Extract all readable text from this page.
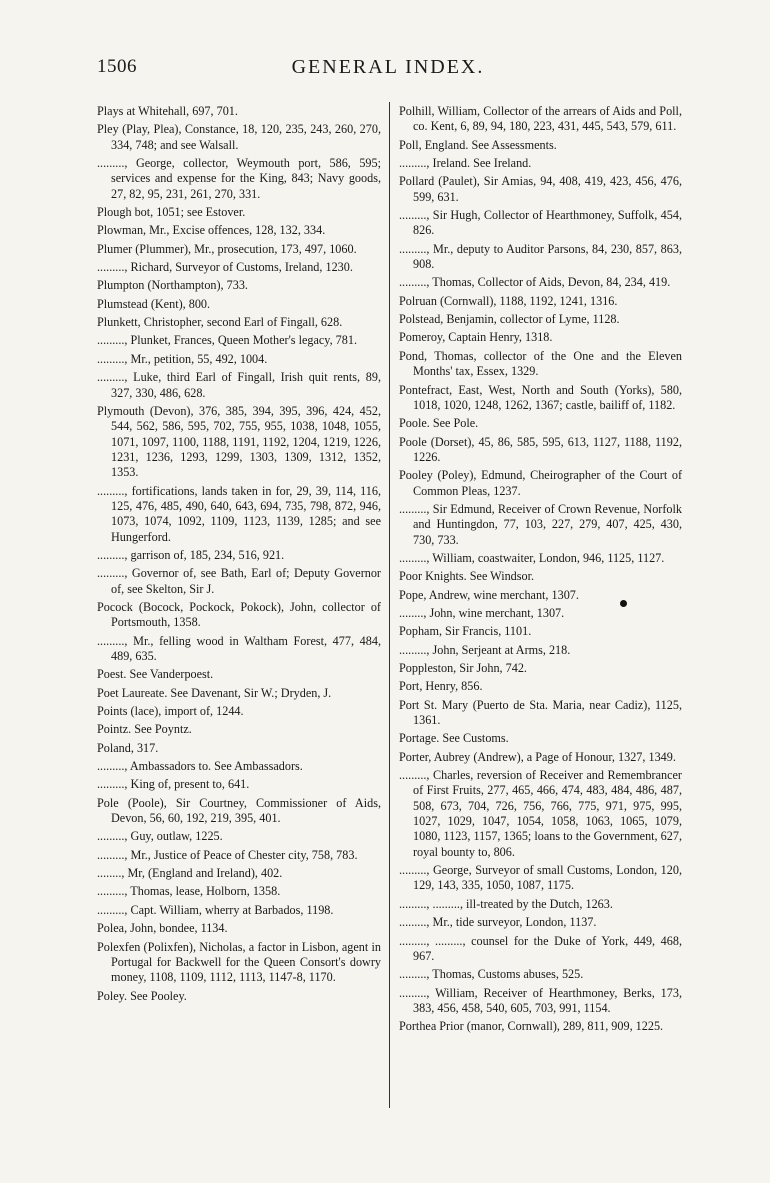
1506	GENERAL INDEX.
Plays at Whitehall, 697, 701.
Pley (Play, Plea), Constance, 18, 120, 235, 243, 260, 270, 334, 748; and see Walsall.
........., George, collector, Weymouth port, 586, 595; services and expense for the King, 843; Navy goods, 27, 82, 95, 231, 261, 270, 331.
Plough bot, 1051; see Estover.
Plowman, Mr., Excise offences, 128, 132, 334.
Plumer (Plummer), Mr., prosecution, 173, 497, 1060.
........., Richard, Surveyor of Customs, Ireland, 1230.
Plumpton (Northampton), 733.
Plumstead (Kent), 800.
Plunkett, Christopher, second Earl of Fingall, 628.
........., Plunket, Frances, Queen Mother's legacy, 781.
........., Mr., petition, 55, 492, 1004.
........., Luke, third Earl of Fingall, Irish quit rents, 89, 327, 330, 486, 628.
Plymouth (Devon), 376, 385, 394, 395, 396, 424, 452, 544, 562, 586, 595, 702, 755, 955, 1038, 1048, 1055, 1071, 1097, 1100, 1188, 1191, 1192, 1204, 1219, 1226, 1231, 1236, 1293, 1299, 1303, 1309, 1312, 1352, 1353.
........., fortifications, lands taken in for, 29, 39, 114, 116, 125, 476, 485, 490, 640, 643, 694, 735, 798, 872, 946, 1073, 1074, 1092, 1109, 1123, 1139, 1285; and see Hungerford.
........., garrison of, 185, 234, 516, 921.
........., Governor of, see Bath, Earl of; Deputy Governor of, see Skelton, Sir J.
Pocock (Bocock, Pockock, Pokock), John, collector of Portsmouth, 1358.
........., Mr., felling wood in Waltham Forest, 477, 484, 489, 635.
Poest. See Vanderpoest.
Poet Laureate. See Davenant, Sir W.; Dryden, J.
Points (lace), import of, 1244.
Pointz. See Poyntz.
Poland, 317.
........., Ambassadors to. See Ambassadors.
........., King of, present to, 641.
Pole (Poole), Sir Courtney, Commissioner of Aids, Devon, 56, 60, 192, 219, 395, 401.
........., Guy, outlaw, 1225.
........., Mr., Justice of Peace of Chester city, 758, 783.
........, Mr, (England and Ireland), 402.
........., Thomas, lease, Holborn, 1358.
........., Capt. William, wherry at Barbados, 1198.
Polea, John, bondee, 1134.
Polexfen (Polixfen), Nicholas, a factor in Lisbon, agent in Portugal for Backwell for the Queen Consort's dowry money, 1108, 1109, 1112, 1113, 1147-8, 1170.
Poley. See Pooley.
Polhill, William, Collector of the arrears of Aids and Poll, co. Kent, 6, 89, 94, 180, 223, 431, 445, 543, 579, 611.
Poll, England. See Assessments.
........., Ireland. See Ireland.
Pollard (Paulet), Sir Amias, 94, 408, 419, 423, 456, 476, 599, 631.
........., Sir Hugh, Collector of Hearthmoney, Suffolk, 454, 826.
........., Mr., deputy to Auditor Parsons, 84, 230, 857, 863, 908.
........., Thomas, Collector of Aids, Devon, 84, 234, 419.
Polruan (Cornwall), 1188, 1192, 1241, 1316.
Polstead, Benjamin, collector of Lyme, 1128.
Pomeroy, Captain Henry, 1318.
Pond, Thomas, collector of the One and the Eleven Months' tax, Essex, 1329.
Pontefract, East, West, North and South (Yorks), 580, 1018, 1020, 1248, 1262, 1367; castle, bailiff of, 1182.
Poole. See Pole.
Poole (Dorset), 45, 86, 585, 595, 613, 1127, 1188, 1192, 1226.
Pooley (Poley), Edmund, Cheirographer of the Court of Common Pleas, 1237.
........., Sir Edmund, Receiver of Crown Revenue, Norfolk and Huntingdon, 77, 103, 227, 279, 407, 425, 430, 730, 733.
........., William, coastwaiter, London, 946, 1125, 1127.
Poor Knights. See Windsor.
Pope, Andrew, wine merchant, 1307.
........, John, wine merchant, 1307.
Popham, Sir Francis, 1101.
........., John, Serjeant at Arms, 218.
Poppleston, Sir John, 742.
Port, Henry, 856.
Port St. Mary (Puerto de Sta. Maria, near Cadiz), 1125, 1361.
Portage. See Customs.
Porter, Aubrey (Andrew), a Page of Honour, 1327, 1349.
........., Charles, reversion of Receiver and Remembrancer of First Fruits, 277, 465, 466, 474, 483, 484, 486, 487, 508, 673, 704, 726, 756, 766, 775, 971, 975, 995, 1027, 1029, 1047, 1054, 1058, 1063, 1065, 1079, 1080, 1123, 1157, 1365; loans to the Government, 627, royal bounty to, 806.
........., George, Surveyor of small Customs, London, 120, 129, 143, 335, 1050, 1087, 1175.
........., ........., ill-treated by the Dutch, 1263.
........., Mr., tide surveyor, London, 1137.
........., ........., counsel for the Duke of York, 449, 468, 967.
........., Thomas, Customs abuses, 525.
........., William, Receiver of Hearthmoney, Berks, 173, 383, 456, 458, 540, 605, 703, 991, 1154.
Porthea Prior (manor, Cornwall), 289, 811, 909, 1225.
